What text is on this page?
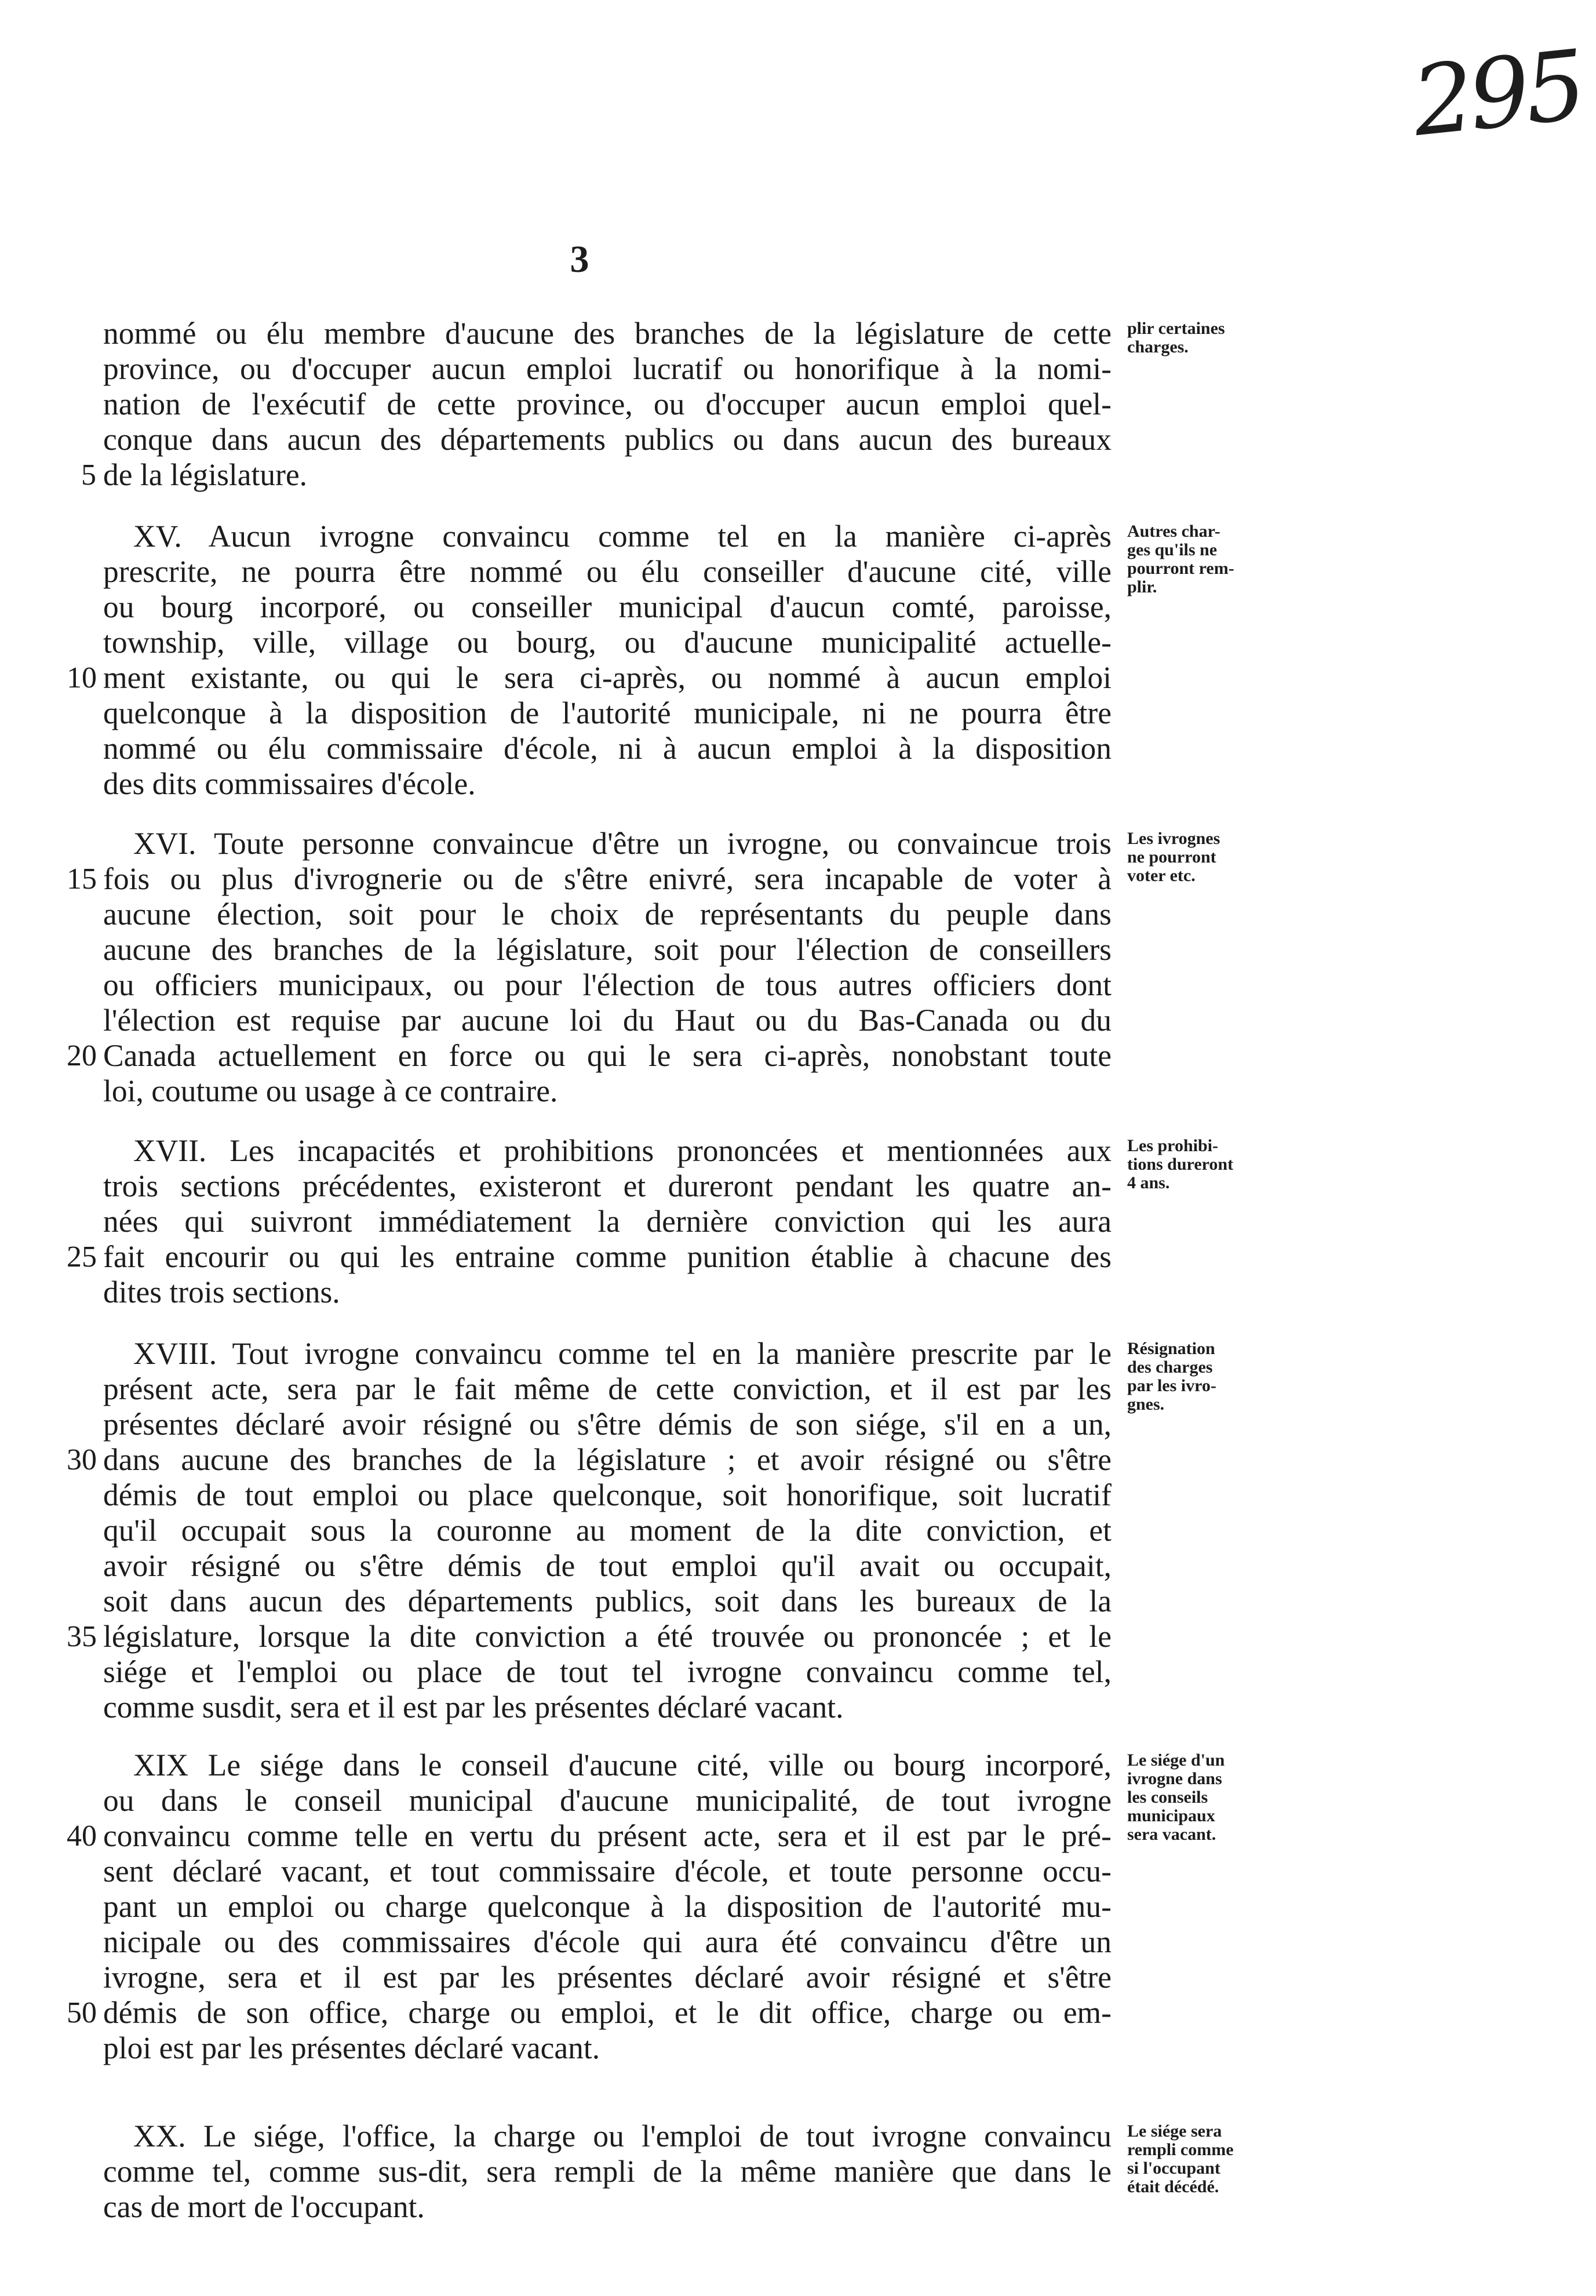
295
3
nommé ou élu membre d'aucune des branches de la législature de cette
province, ou d'occuper aucun emploi lucratif ou honorifique à la nomi-
nation de l'exécutif de cette province, ou d'occuper aucun emploi quel-
conque dans aucun des départements publics ou dans aucun des bureaux
de la législature.
5
plir certaines
charges.
XV. Aucun ivrogne convaincu comme tel en la manière ci-après
prescrite, ne pourra être nommé ou élu conseiller d'aucune cité, ville
ou bourg incorporé, ou conseiller municipal d'aucun comté, paroisse,
township, ville, village ou bourg, ou d'aucune municipalité actuelle-
ment existante, ou qui le sera ci-après, ou nommé à aucun emploi
quelconque à la disposition de l'autorité municipale, ni ne pourra être
nommé ou élu commissaire d'école, ni à aucun emploi à la disposition
des dits commissaires d'école.
10
Autres char-
ges qu'ils ne
pourront rem-
plir.
XVI. Toute personne convaincue d'être un ivrogne, ou convaincue trois
fois ou plus d'ivrognerie ou de s'être enivré, sera incapable de voter à
aucune élection, soit pour le choix de représentants du peuple dans
aucune des branches de la législature, soit pour l'élection de conseillers
ou officiers municipaux, ou pour l'élection de tous autres officiers dont
l'élection est requise par aucune loi du Haut ou du Bas-Canada ou du
Canada actuellement en force ou qui le sera ci-après, nonobstant toute
loi, coutume ou usage à ce contraire.
15
20
Les ivrognes
ne pourront
voter etc.
XVII. Les incapacités et prohibitions prononcées et mentionnées aux
trois sections précédentes, existeront et dureront pendant les quatre an-
nées qui suivront immédiatement la dernière conviction qui les aura
fait encourir ou qui les entraine comme punition établie à chacune des
dites trois sections.
25
Les prohibi-
tions dureront
4 ans.
XVIII. Tout ivrogne convaincu comme tel en la manière prescrite par le
présent acte, sera par le fait même de cette conviction, et il est par les
présentes déclaré avoir résigné ou s'être démis de son siége, s'il en a un,
dans aucune des branches de la législature ; et avoir résigné ou s'être
démis de tout emploi ou place quelconque, soit honorifique, soit lucratif
qu'il occupait sous la couronne au moment de la dite conviction, et
avoir résigné ou s'être démis de tout emploi qu'il avait ou occupait,
soit dans aucun des départements publics, soit dans les bureaux de la
législature, lorsque la dite conviction a été trouvée ou prononcée ; et le
siége et l'emploi ou place de tout tel ivrogne convaincu comme tel,
comme susdit, sera et il est par les présentes déclaré vacant.
30
35
Résignation
des charges
par les ivro-
gnes.
XIX Le siége dans le conseil d'aucune cité, ville ou bourg incorporé,
ou dans le conseil municipal d'aucune municipalité, de tout ivrogne
convaincu comme telle en vertu du présent acte, sera et il est par le pré-
sent déclaré vacant, et tout commissaire d'école, et toute personne occu-
pant un emploi ou charge quelconque à la disposition de l'autorité mu-
nicipale ou des commissaires d'école qui aura été convaincu d'être un
ivrogne, sera et il est par les présentes déclaré avoir résigné et s'être
démis de son office, charge ou emploi, et le dit office, charge ou em-
ploi est par les présentes déclaré vacant.
40
50
Le siége d'un
ivrogne dans
les conseils
municipaux
sera vacant.
XX. Le siége, l'office, la charge ou l'emploi de tout ivrogne convaincu
comme tel, comme sus-dit, sera rempli de la même manière que dans le
cas de mort de l'occupant.
Le siége sera
rempli comme
si l'occupant
était décédé.
